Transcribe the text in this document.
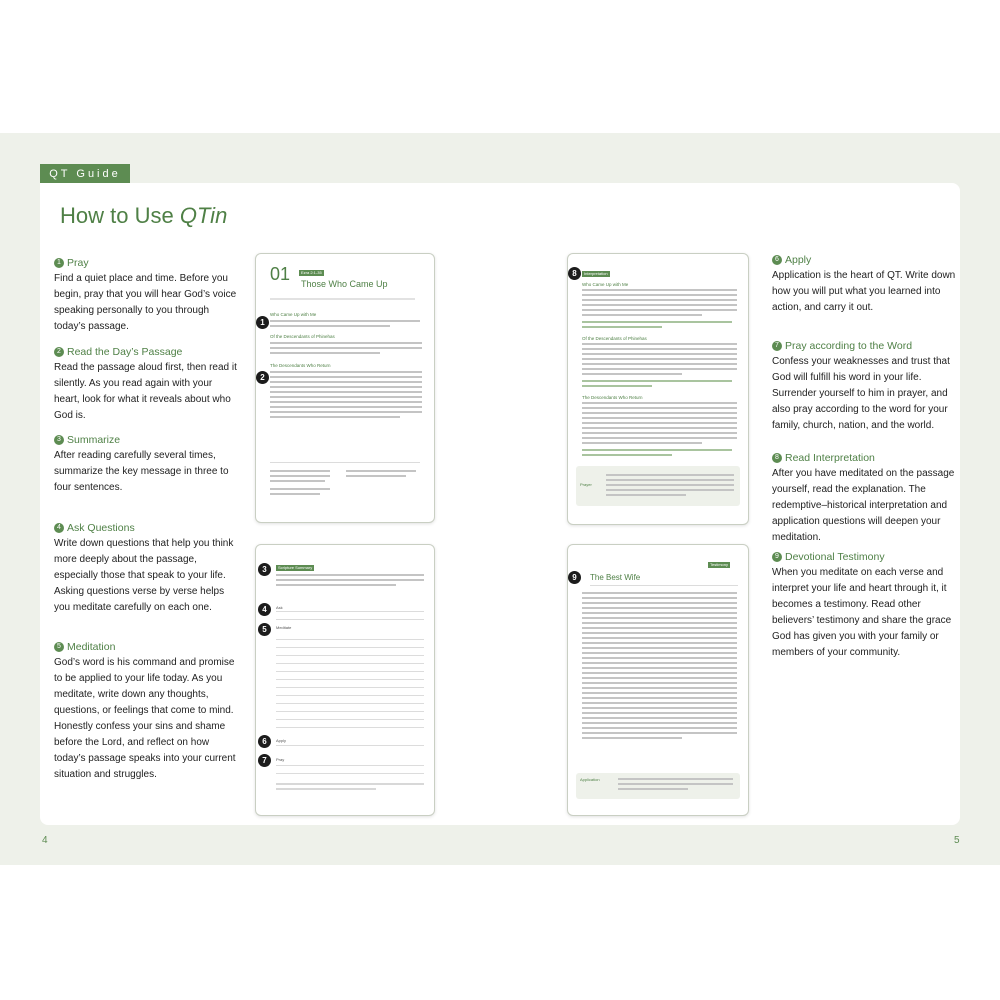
QT Guide
How to Use QTin
1 Pray

Find a quiet place and time. Before you begin, pray that you will hear God’s voice speaking personally to you through today’s passage.

2 Read the Day’s Passage

Read the passage aloud first, then read it silently. As you read again with your heart, look for what it reveals about who God is.

3 Summarize

After reading carefully several times, summarize the key message in three to four sentences.

4 Ask Questions

Write down questions that help you think more deeply about the passage, especially those that speak to your life. Asking questions verse by verse helps you meditate carefully on each one.

5 Meditation

God’s word is his command and promise to be applied to your life today. As you meditate, write down any thoughts, questions, or feelings that come to mind. Honestly confess your sins and shame before the Lord, and reflect on how today’s passage speaks into your current situation and struggles.

6 Apply

Application is the heart of QT. Write down how you will put what you learned into action, and carry it out.

7 Pray according to the Word

Confess your weaknesses and trust that God will fulfill his word in your life. Surrender yourself to him in prayer, and also pray according to the word for your family, church, nation, and the world.

8 Read Interpretation

After you have meditated on the passage yourself, read the explanation. The redemptive–historical interpretation and application questions will deepen your meditation.

9 Devotional Testimony

When you meditate on each verse and interpret your life and heart through it, it becomes a testimony. Read other believers’ testimony and share the grace God has given you with your family or members of your community.

01	Ezra 2:1-35
Those Who Came Up
Who Came Up with Me
Of the Descendants of Phinehas
The Descendants Who Return
1
2
Scripture Summary
Ask
Meditate
Apply
Pray
3
4
5
6
7
Interpretation
Who Came Up with Me
Of the Descendants of Phinehas
The Descendants Who Return
Prayer
8
Testimony
The Best Wife
Application
9
4	5
